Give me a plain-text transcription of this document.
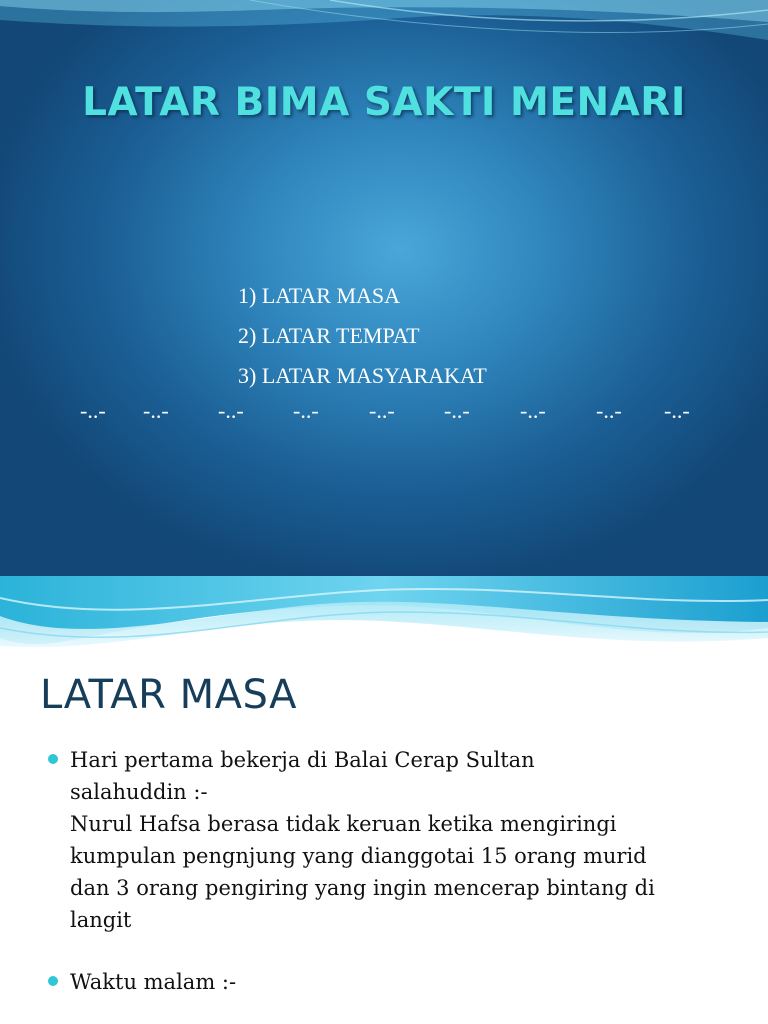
LATAR BIMA SAKTI MENARI
1) LATAR MASA
2) LATAR TEMPAT
3) LATAR MASYARAKAT
-..- -..- -..- -..- -..- -..- -..- -..- -..-
LATAR MASA

Hari pertama bekerja di Balai Cerap Sultan

salahuddin :-

Nurul Hafsa berasa tidak keruan ketika mengiringi

kumpulan pengnjung yang dianggotai 15 orang murid

dan 3 orang pengiring yang ingin mencerap bintang di

langit

Waktu malam :-
